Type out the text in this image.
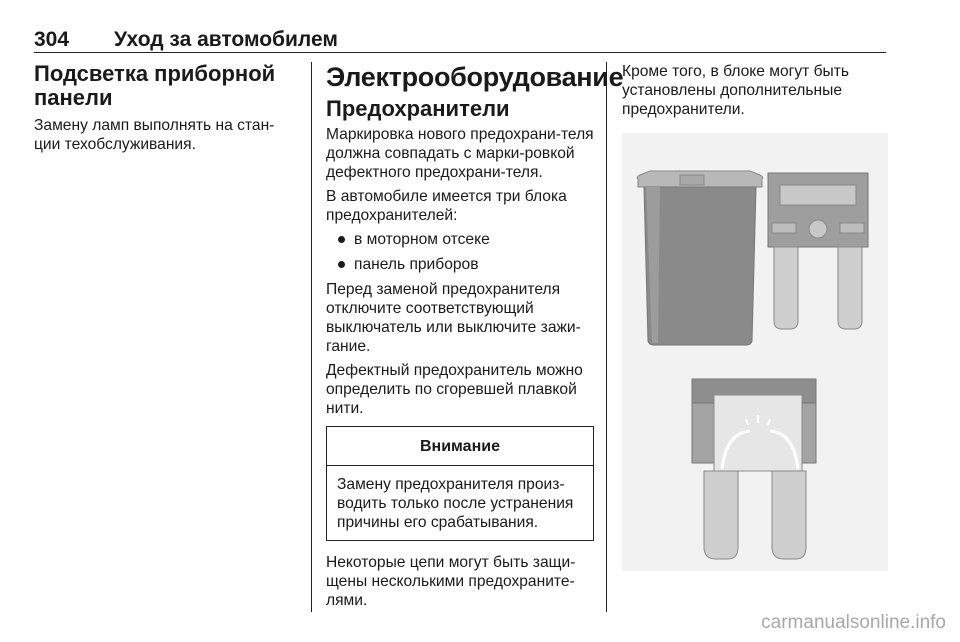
304 Уход за автомобилем
Подсветка приборной панели

Замену ламп выполнять на стан-ции техобслуживания.

Электрооборудование
Предохранители

Маркировка нового предохрани-теля должна совпадать с марки-ровкой дефектного предохрани-теля.

В автомобиле имеется три блока предохранителей:

в моторном отсеке
панель приборов

Перед заменой предохранителя отключите соответствующий выключатель или выключите зажи-гание.

Дефектный предохранитель можно определить по сгоревшей плавкой нити.

Внимание
Замену предохранителя произ-водить только после устранения причины его срабатывания.

Некоторые цепи могут быть защи-щены несколькими предохраните-лями.

Кроме того, в блоке могут быть установлены дополнительные предохранители.

carmanualsonline.info
